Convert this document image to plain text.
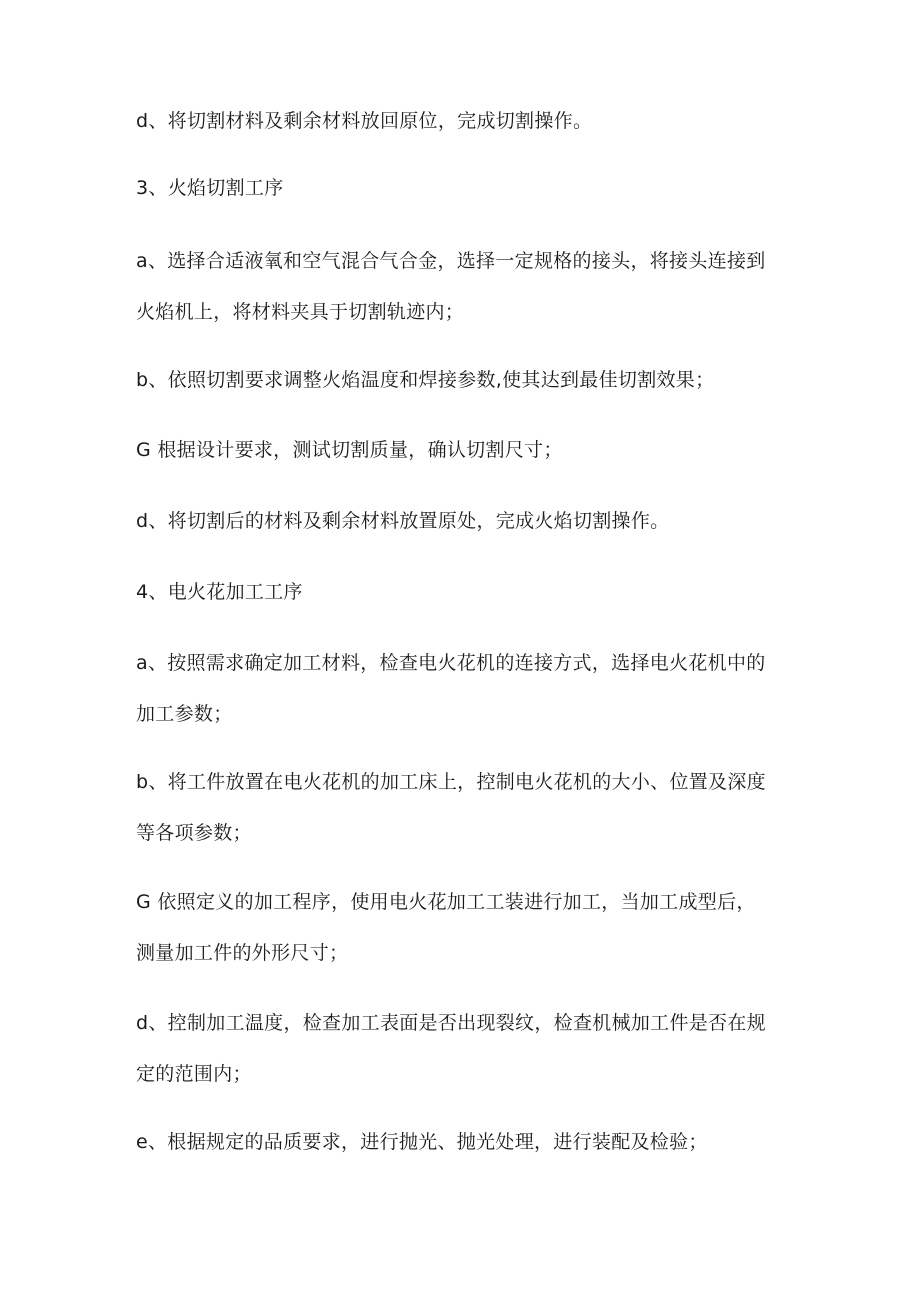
d、将切割材料及剩余材料放回原位，完成切割操作。

3、火焰切割工序

a、选择合适液氧和空气混合气合金，选择一定规格的接头，将接头连接到
火焰机上，将材料夹具于切割轨迹内；

b、依照切割要求调整火焰温度和焊接参数,使其达到最佳切割效果；

G 根据设计要求，测试切割质量，确认切割尺寸；

d、将切割后的材料及剩余材料放置原处，完成火焰切割操作。

4、电火花加工工序

a、按照需求确定加工材料，检查电火花机的连接方式，选择电火花机中的
加工参数；

b、将工件放置在电火花机的加工床上，控制电火花机的大小、位置及深度
等各项参数；

G 依照定义的加工程序，使用电火花加工工装进行加工，当加工成型后，
测量加工件的外形尺寸；

d、控制加工温度，检查加工表面是否出现裂纹，检查机械加工件是否在规
定的范围内；

e、根据规定的品质要求，进行抛光、抛光处理，进行装配及检验；
